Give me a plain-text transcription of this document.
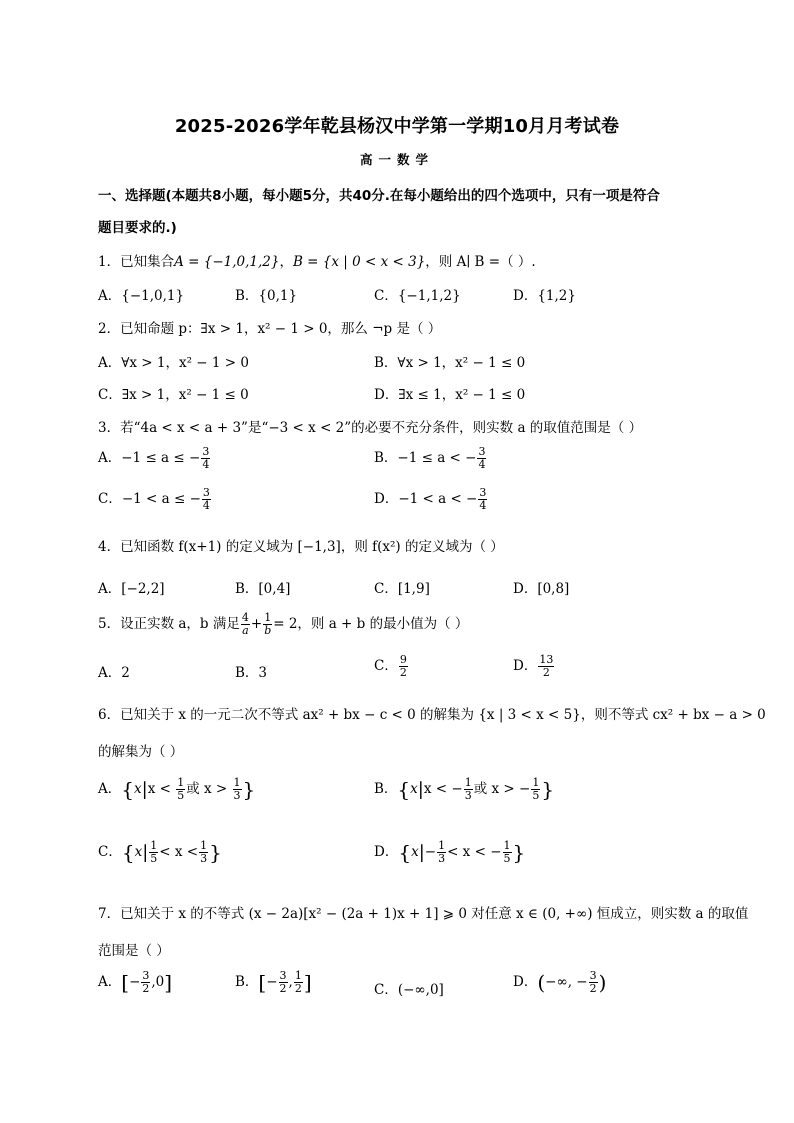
2025-2026学年乾县杨汉中学第一学期10月月考试卷
高一数学
一、选择题(本题共8小题，每小题5分，共40分.在每小题给出的四个选项中，只有一项是符合
题目要求的.)
1．已知集合A = {−1,0,1,2}，B = {x | 0 < x < 3}，则 A∣ B =（ ）.
A．{−1,0,1}	B．{0,1}	C．{−1,1,2}	D．{1,2}
2．已知命题 p：∃x > 1，x² − 1 > 0，那么 ¬p 是（ ）
A．∀x > 1，x² − 1 > 0	B．∀x > 1，x² − 1 ≤ 0
C．∃x > 1，x² − 1 ≤ 0	D．∃x ≤ 1，x² − 1 ≤ 0
3．若“4a < x < a + 3”是“−3 < x < 2”的必要不充分条件，则实数 a 的取值范围是（ ）
A．−1 ≤ a ≤ − $\frac{3}{4}$	B．−1 ≤ a < − $\frac{3}{4}$
C．−1 < a ≤ − $\frac{3}{4}$	D．−1 < a < − $\frac{3}{4}$
4．已知函数 f(x+1) 的定义域为 [−1,3]，则 f(x²) 的定义域为（ ）
A．[−2,2]	B．[0,4]	C．[1,9]	D．[0,8]
5．设正实数 a，b 满足 $\frac{4}{a} + \frac{1}{b} = 2$，则 a + b 的最小值为（ ）
A．2	B．3	C． $\frac{9}{2}$	D． $\frac{13}{2}$
6．已知关于 x 的一元二次不等式 ax² + bx − c < 0 的解集为 {x | 3 < x < 5}，则不等式 cx² + bx − a > 0
的解集为（ ）
A．{$x|x < \frac{1}{5}$ 或 $x > \frac{1}{3}$ }	B．{x|x < − $\frac{1}{3}$ 或 x > − $\frac{1}{5}$ }
C．{$x| \frac{1}{5} < x < \frac{1}{3}$ }	D．{$x|- \frac{1}{3} < x$ < − $\frac{1}{5}$ }
7．已知关于 x 的不等式 (x − 2a)[x² − (2a + 1)x + 1] ⩾ 0 对任意 x ∈ (0, +∞) 恒成立，则实数 a 的取值
范围是（ ）
A．[− $\frac{3}{2} ,0$]	B．[− $\frac{3}{2}$ , $\frac{1}{2}$ ]	C．(−∞,0]	D．(−∞, − $\frac{3}{2}$ )
